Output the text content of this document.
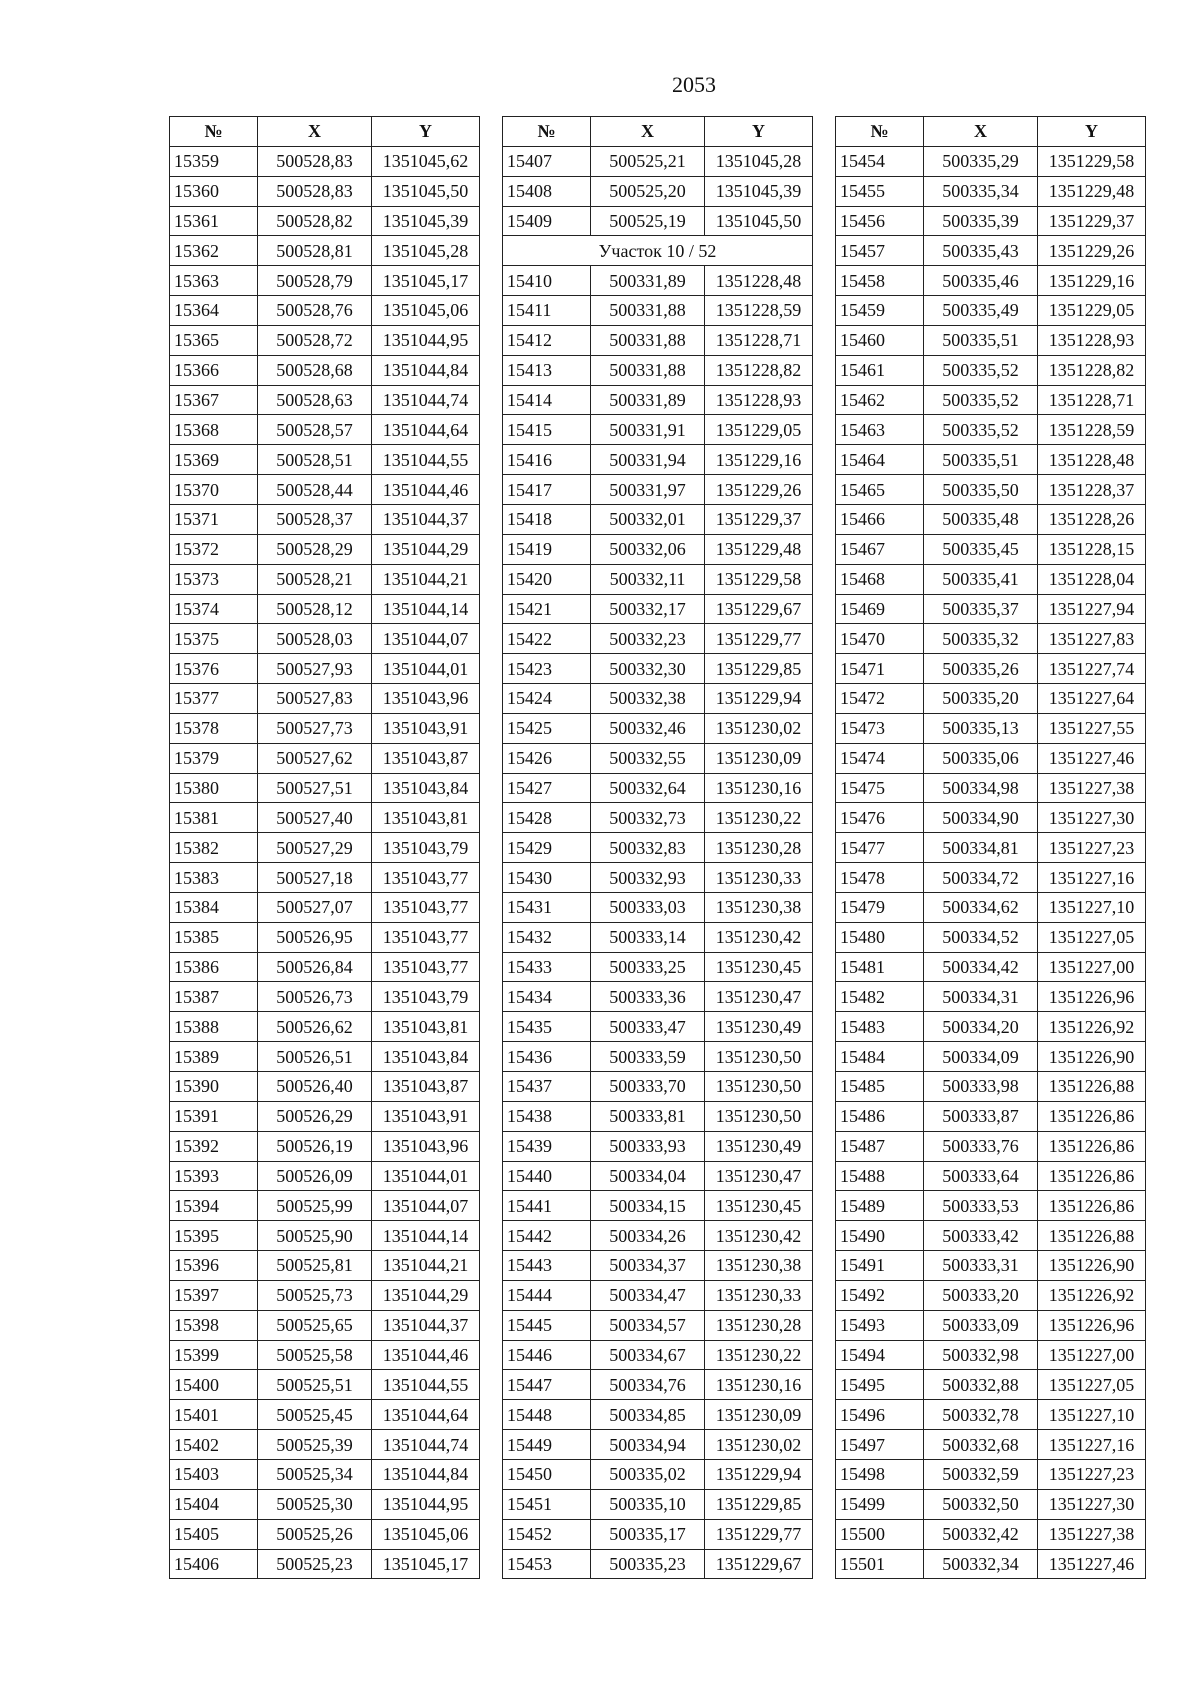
2053
№	X	Y
15359	500528,83	1351045,62
15360	500528,83	1351045,50
15361	500528,82	1351045,39
15362	500528,81	1351045,28
15363	500528,79	1351045,17
15364	500528,76	1351045,06
15365	500528,72	1351044,95
15366	500528,68	1351044,84
15367	500528,63	1351044,74
15368	500528,57	1351044,64
15369	500528,51	1351044,55
15370	500528,44	1351044,46
15371	500528,37	1351044,37
15372	500528,29	1351044,29
15373	500528,21	1351044,21
15374	500528,12	1351044,14
15375	500528,03	1351044,07
15376	500527,93	1351044,01
15377	500527,83	1351043,96
15378	500527,73	1351043,91
15379	500527,62	1351043,87
15380	500527,51	1351043,84
15381	500527,40	1351043,81
15382	500527,29	1351043,79
15383	500527,18	1351043,77
15384	500527,07	1351043,77
15385	500526,95	1351043,77
15386	500526,84	1351043,77
15387	500526,73	1351043,79
15388	500526,62	1351043,81
15389	500526,51	1351043,84
15390	500526,40	1351043,87
15391	500526,29	1351043,91
15392	500526,19	1351043,96
15393	500526,09	1351044,01
15394	500525,99	1351044,07
15395	500525,90	1351044,14
15396	500525,81	1351044,21
15397	500525,73	1351044,29
15398	500525,65	1351044,37
15399	500525,58	1351044,46
15400	500525,51	1351044,55
15401	500525,45	1351044,64
15402	500525,39	1351044,74
15403	500525,34	1351044,84
15404	500525,30	1351044,95
15405	500525,26	1351045,06
15406	500525,23	1351045,17
№	X	Y
15407	500525,21	1351045,28
15408	500525,20	1351045,39
15409	500525,19	1351045,50
Участок 10 / 52		
15410	500331,89	1351228,48
15411	500331,88	1351228,59
15412	500331,88	1351228,71
15413	500331,88	1351228,82
15414	500331,89	1351228,93
15415	500331,91	1351229,05
15416	500331,94	1351229,16
15417	500331,97	1351229,26
15418	500332,01	1351229,37
15419	500332,06	1351229,48
15420	500332,11	1351229,58
15421	500332,17	1351229,67
15422	500332,23	1351229,77
15423	500332,30	1351229,85
15424	500332,38	1351229,94
15425	500332,46	1351230,02
15426	500332,55	1351230,09
15427	500332,64	1351230,16
15428	500332,73	1351230,22
15429	500332,83	1351230,28
15430	500332,93	1351230,33
15431	500333,03	1351230,38
15432	500333,14	1351230,42
15433	500333,25	1351230,45
15434	500333,36	1351230,47
15435	500333,47	1351230,49
15436	500333,59	1351230,50
15437	500333,70	1351230,50
15438	500333,81	1351230,50
15439	500333,93	1351230,49
15440	500334,04	1351230,47
15441	500334,15	1351230,45
15442	500334,26	1351230,42
15443	500334,37	1351230,38
15444	500334,47	1351230,33
15445	500334,57	1351230,28
15446	500334,67	1351230,22
15447	500334,76	1351230,16
15448	500334,85	1351230,09
15449	500334,94	1351230,02
15450	500335,02	1351229,94
15451	500335,10	1351229,85
15452	500335,17	1351229,77
15453	500335,23	1351229,67
№	X	Y
15454	500335,29	1351229,58
15455	500335,34	1351229,48
15456	500335,39	1351229,37
15457	500335,43	1351229,26
15458	500335,46	1351229,16
15459	500335,49	1351229,05
15460	500335,51	1351228,93
15461	500335,52	1351228,82
15462	500335,52	1351228,71
15463	500335,52	1351228,59
15464	500335,51	1351228,48
15465	500335,50	1351228,37
15466	500335,48	1351228,26
15467	500335,45	1351228,15
15468	500335,41	1351228,04
15469	500335,37	1351227,94
15470	500335,32	1351227,83
15471	500335,26	1351227,74
15472	500335,20	1351227,64
15473	500335,13	1351227,55
15474	500335,06	1351227,46
15475	500334,98	1351227,38
15476	500334,90	1351227,30
15477	500334,81	1351227,23
15478	500334,72	1351227,16
15479	500334,62	1351227,10
15480	500334,52	1351227,05
15481	500334,42	1351227,00
15482	500334,31	1351226,96
15483	500334,20	1351226,92
15484	500334,09	1351226,90
15485	500333,98	1351226,88
15486	500333,87	1351226,86
15487	500333,76	1351226,86
15488	500333,64	1351226,86
15489	500333,53	1351226,86
15490	500333,42	1351226,88
15491	500333,31	1351226,90
15492	500333,20	1351226,92
15493	500333,09	1351226,96
15494	500332,98	1351227,00
15495	500332,88	1351227,05
15496	500332,78	1351227,10
15497	500332,68	1351227,16
15498	500332,59	1351227,23
15499	500332,50	1351227,30
15500	500332,42	1351227,38
15501	500332,34	1351227,46
